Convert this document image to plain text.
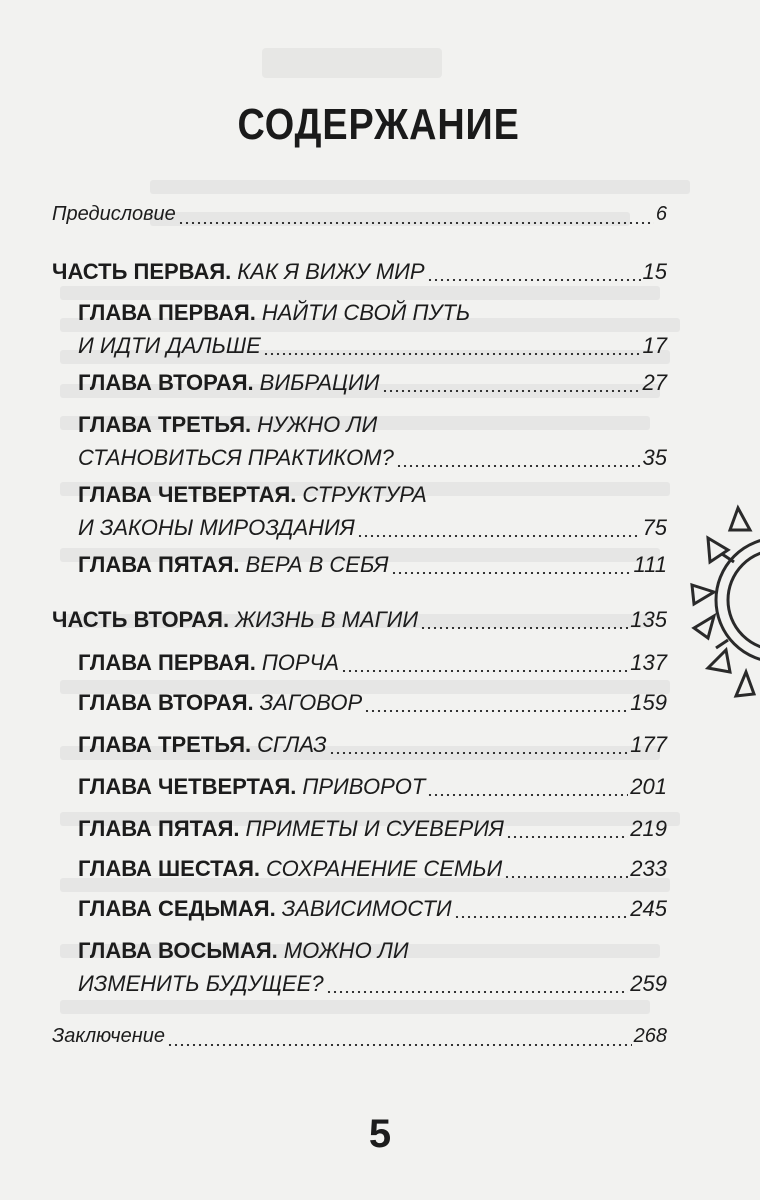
СОДЕРЖАНИЕ
Предисловие	6
ЧАСТЬ ПЕРВАЯ. КАК Я ВИЖУ МИР	15
ГЛАВА ПЕРВАЯ. НАЙТИ СВОЙ ПУТЬ
И ИДТИ ДАЛЬШЕ	17
ГЛАВА ВТОРАЯ. ВИБРАЦИИ	27
ГЛАВА ТРЕТЬЯ. НУЖНО ЛИ
СТАНОВИТЬСЯ ПРАКТИКОМ?	35
ГЛАВА ЧЕТВЕРТАЯ. СТРУКТУРА
И ЗАКОНЫ МИРОЗДАНИЯ	75
ГЛАВА ПЯТАЯ. ВЕРА В СЕБЯ	111
ЧАСТЬ ВТОРАЯ. ЖИЗНЬ В МАГИИ	135
ГЛАВА ПЕРВАЯ. ПОРЧА	137
ГЛАВА ВТОРАЯ. ЗАГОВОР	159
ГЛАВА ТРЕТЬЯ. СГЛАЗ	177
ГЛАВА ЧЕТВЕРТАЯ. ПРИВОРОТ	201
ГЛАВА ПЯТАЯ. ПРИМЕТЫ И СУЕВЕРИЯ	219
ГЛАВА ШЕСТАЯ. СОХРАНЕНИЕ СЕМЬИ	233
ГЛАВА СЕДЬМАЯ. ЗАВИСИМОСТИ	245
ГЛАВА ВОСЬМАЯ. МОЖНО ЛИ
ИЗМЕНИТЬ БУДУЩЕЕ?	259
Заключение	268
5
